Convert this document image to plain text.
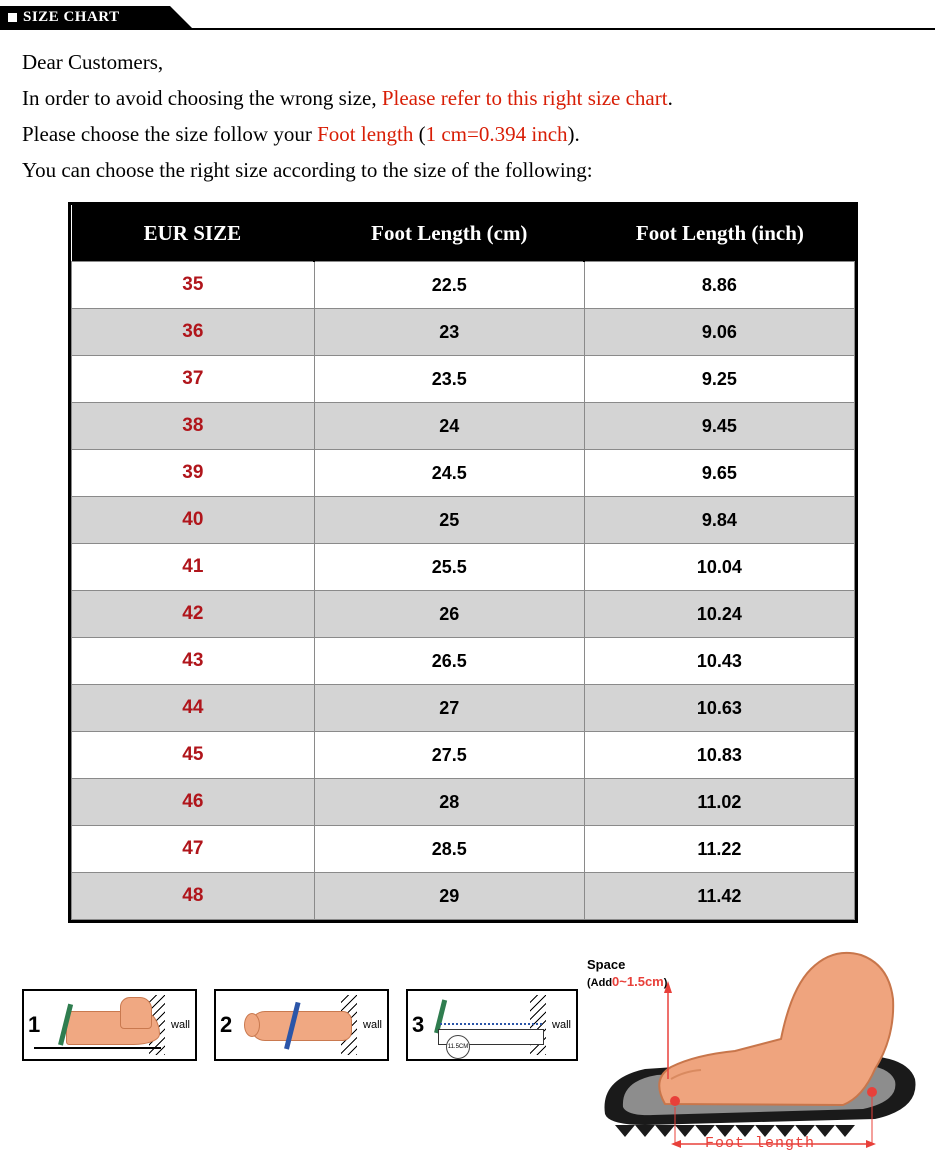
SIZE CHART
Dear Customers,
In order to avoid choosing the wrong size, Please refer to this right size chart.
Please choose the size follow your Foot length (1 cm=0.394 inch).
You can choose the right size according to the size of the following:
EUR SIZE	Foot Length (cm)	Foot Length (inch)
35	22.5	8.86
36	23	9.06
37	23.5	9.25
38	24	9.45
39	24.5	9.65
40	25	9.84
41	25.5	10.04
42	26	10.24
43	26.5	10.43
44	27	10.63
45	27.5	10.83
46	28	11.02
47	28.5	11.22
48	29	11.42
1	wall 2	wall 3	wall
11.5CM
Space
(Add0~1.5cm)
Foot length
